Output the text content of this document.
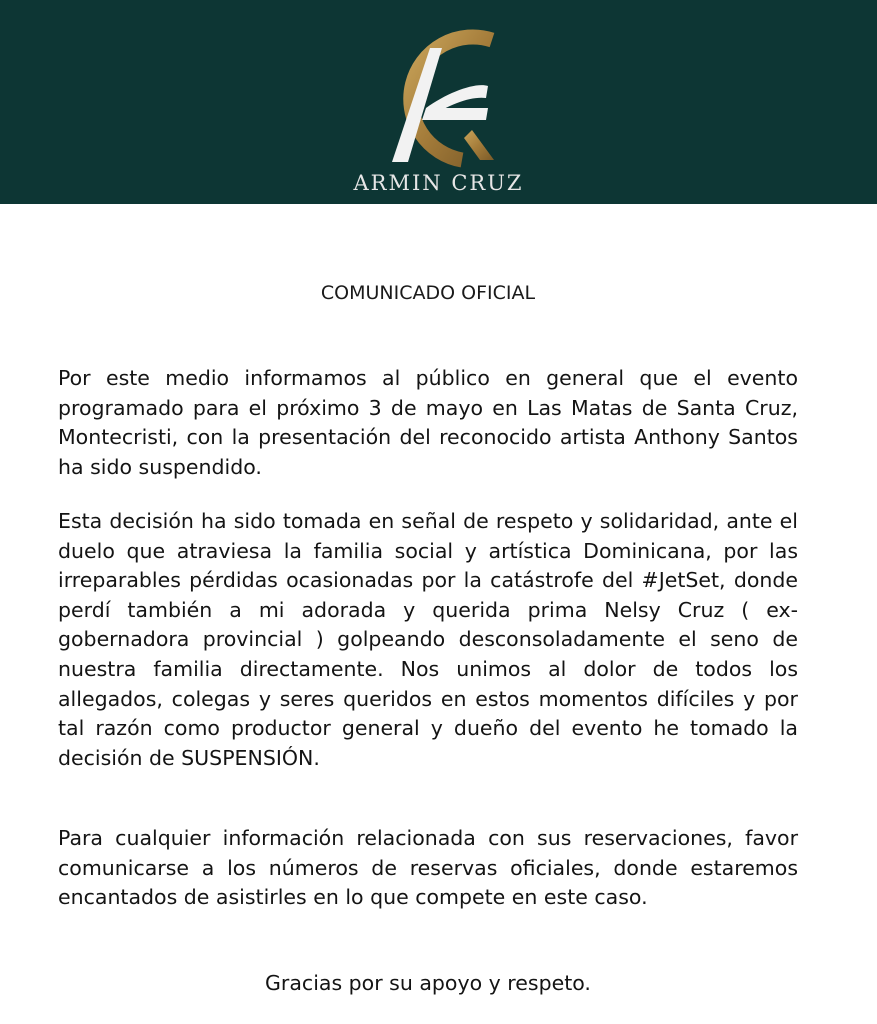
ARMIN CRUZ
COMUNICADO OFICIAL

Por este medio informamos al público en general que el evento programado para el próximo 3 de mayo en Las Matas de Santa Cruz, Montecristi, con la presentación del reconocido artista Anthony Santos ha sido suspendido.

Esta decisión ha sido tomada en señal de respeto y solidaridad, ante el duelo que atraviesa la familia social y artística Dominicana, por las irreparables pérdidas ocasionadas por la catástrofe del #JetSet, donde perdí también a mi adorada y querida prima Nelsy Cruz ( ex-gobernadora provincial ) golpeando desconsoladamente el seno de nuestra familia directamente. Nos unimos al dolor de todos los allegados, colegas y seres queridos en estos momentos difíciles y por tal razón como productor general y dueño del evento he tomado la decisión de SUSPENSIÓN.

Para cualquier información relacionada con sus reservaciones, favor comunicarse a los números de reservas oficiales, donde estaremos encantados de asistirles en lo que compete en este caso.

Gracias por su apoyo y respeto.
